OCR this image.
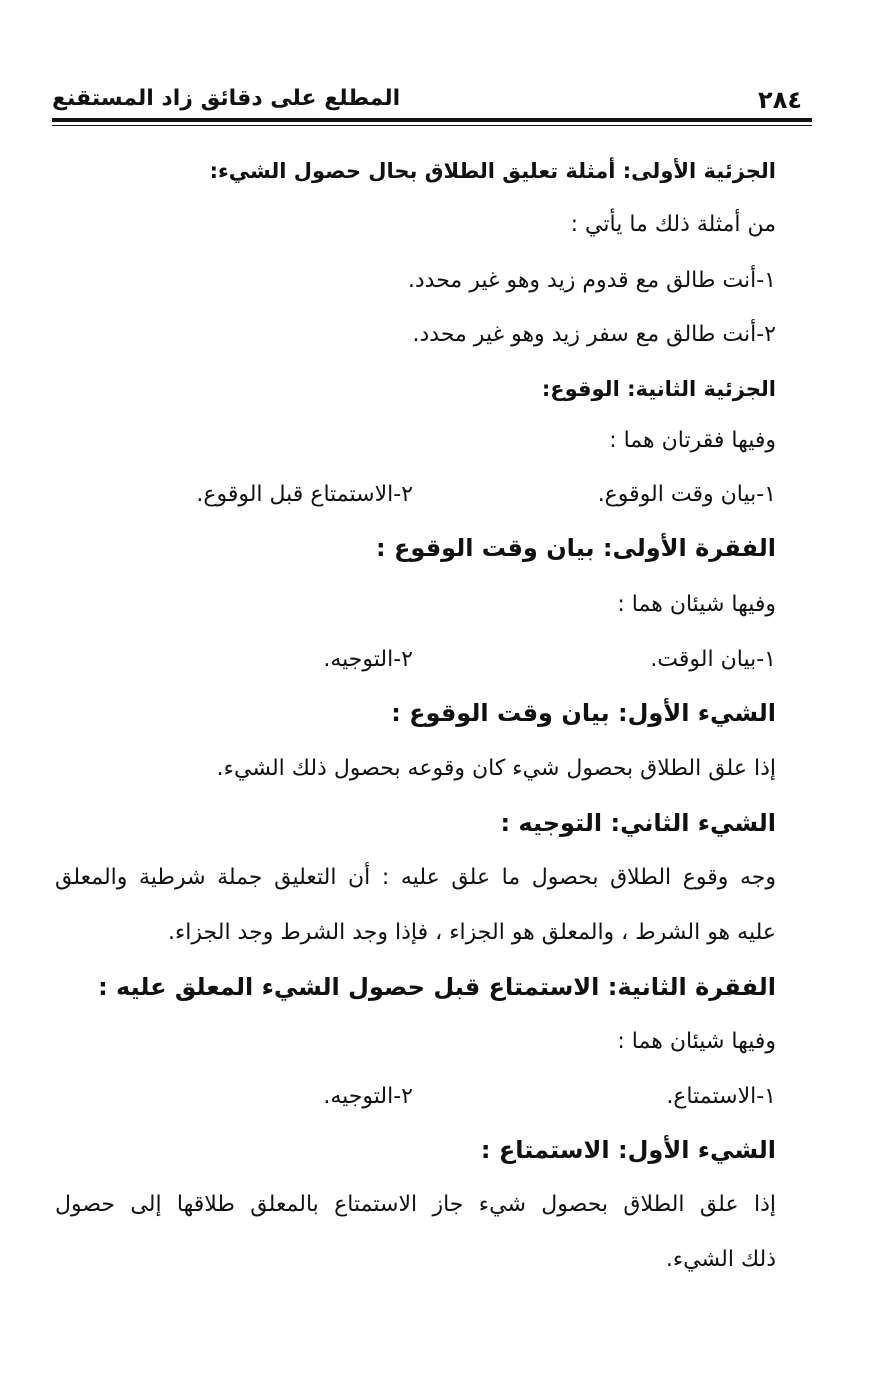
٢٨٤
المطلع على دقائق زاد المستقنع
الجزئية الأولى: أمثلة تعليق الطلاق بحال حصول الشيء:
من أمثلة ذلك ما يأتي :
١-أنت طالق مع قدوم زيد وهو غير محدد.
٢-أنت طالق مع سفر زيد وهو غير محدد.
الجزئية الثانية: الوقوع:
وفيها فقرتان هما :
١-بيان وقت الوقوع.
٢-الاستمتاع قبل الوقوع.
الفقرة الأولى: بيان وقت الوقوع :
وفيها شيئان هما :
١-بيان الوقت.
٢-التوجيه.
الشيء الأول: بيان وقت الوقوع :
إذا علق الطلاق بحصول شيء كان وقوعه بحصول ذلك الشيء.
الشيء الثاني: التوجيه :
وجه وقوع الطلاق بحصول ما علق عليه : أن التعليق جملة شرطية والمعلق
عليه هو الشرط ، والمعلق هو الجزاء ، فإذا وجد الشرط وجد الجزاء.
الفقرة الثانية: الاستمتاع قبل حصول الشيء المعلق عليه :
وفيها شيئان هما :
١-الاستمتاع.
٢-التوجيه.
الشيء الأول: الاستمتاع :
إذا علق الطلاق بحصول شيء جاز الاستمتاع بالمعلق طلاقها إلى حصول
ذلك الشيء.
